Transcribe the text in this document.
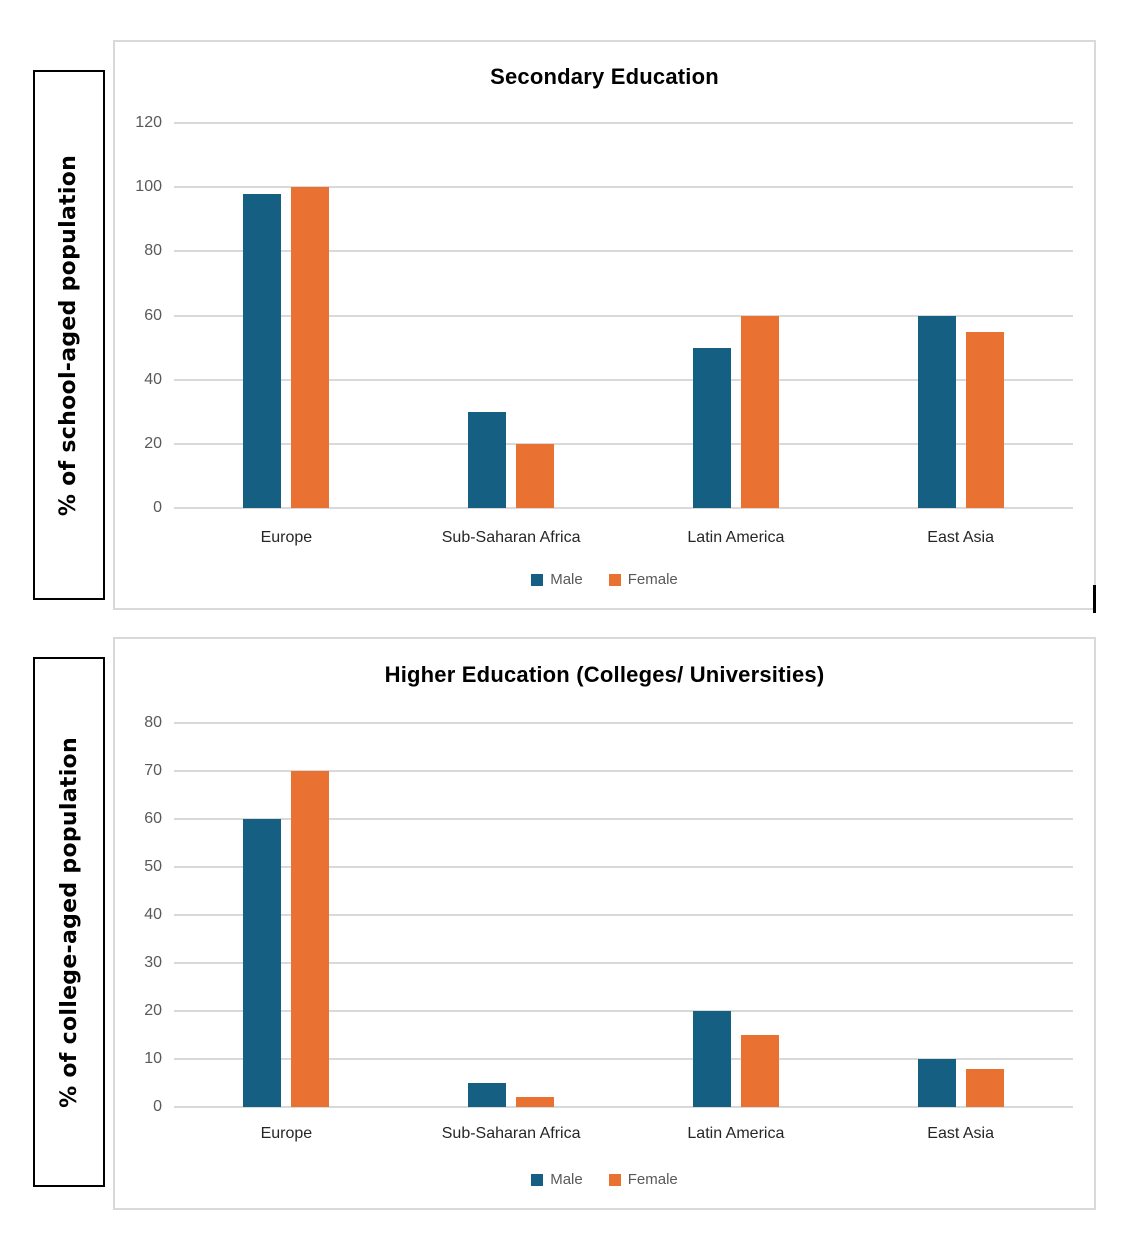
% of school-aged population
% of college-aged population
Secondary Education
0
20
40
60
80
100
120
Europe	Sub-Saharan Africa	Latin America	East Asia
Male	Female
Higher Education (Colleges/ Universities)
0
10
20
30
40
50
60
70
80
Europe	Sub-Saharan Africa	Latin America	East Asia
Male	Female
